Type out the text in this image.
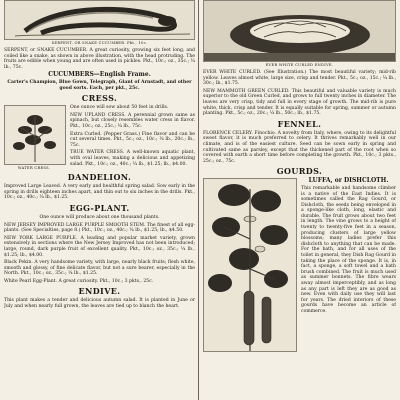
SERPENT, OR SNAKE CUCUMBER. Pkt., 10c.

SERPENT, or SNAKE CUCUMBER. A great curiosity, growing six feet long, and coiled like a snake, as shown in above illustration, with the head protruding. The fruits are edible when young and are often used in pickles. Pkt., 10c.; oz., 35c.; ¼ lb., 75c.

CUCUMBERS—English Frame.

Carter's Champion, Blue Gown, Telegraph, Giant of Arnstadt, and other good sorts. Each, per pkt., 25c.

CRESS.

One ounce will sow about 50 feet in drills.

NEW UPLAND CRESS. A perennial grown same as spinach, but closely resembles water cress in flavor. Pkt., 10c.; oz., 25c.; ¼ lb., 75c.

Extra Curled. (Pepper Grass.) Fine flavor and can be cut several times. Pkt., 5c.; oz., 10c.; ¼ lb., 20c.; lb., 75c.

WATER CRESS.

TRUE WATER CRESS. A well-known aquatic plant, with oval leaves, making a delicious and appetizing salad. Pkt., 10c.; oz., 40c.; ¼ lb., $1.25; lb., $4.00.

DANDELION.

Improved Large Leaved. A very early and healthful spring salad. Sow early in the spring in drills eighteen inches apart, and thin out to six inches in the drills. Pkt., 10c.; oz., 40c.; ¼ lb., $1.25.

EGG-PLANT.

One ounce will produce about one thousand plants.

NEW JERSEY IMPROVED LARGE PURPLE SMOOTH STEM. The finest of all egg-plants. (See Specialties, page 8.) Pkt., 10c.; oz., 40c.; ¼ lb., $1.25; lb., $4.50.

NEW YORK LARGE PURPLE. A leading and popular market variety, grown extensively in sections where the New Jersey Improved has not been introduced; large, round, dark purple fruit of excellent quality. Pkt., 10c.; oz., 35c.; ¼ lb., $1.25; lb., $4.00.

Black Pekin. A very handsome variety, with large, nearly black fruits; flesh white, smooth and glossy, of fine delicate flavor, but not a sure bearer, especially in the North. Pkt., 10c.; oz., 35c.; ¼ lb., $1.25.

White Pearl Egg-Plant. A great curiosity. Pkt., 10c.; 3 pkts., 25c.

ENDIVE.

This plant makes a tender and delicious autumn salad. It is planted in June or July and when nearly full grown, the leaves are tied up to blanch the heart.

EVER WHITE CURLED ENDIVE.

EVER WHITE CURLED. (See Illustration.) The most beautiful variety; mid-rib yellow. Leaves almost white, large size, crisp and tender. Pkt., 5c.; oz., 15c.; ¼ lb., 30c.; lb., $1.75.

NEW MAMMOTH GREEN CURLED. This beautiful and valuable variety is much superior to the old Green Curled, and grows to full twenty inches in diameter. The leaves are very crisp, tidy and full in every stage of growth. The mid-rib is pure white, thick, crisp and tender. It is equally suitable for spring, summer or autumn planting. Pkt., 5c.; oz., 20c.; ¼ lb., 50c.; lb., $1.75.

FENNEL.

FLORENCE CELERY. Finochio. A novelty from Italy, where, owing to its delightful sweet flavor, it is much preferred to celery. It thrives remarkably well in our climate, and is of the easiest culture. Seed can be sown early in spring and cultivated same as parsley, except that the thickened part of the root when so covered with earth a short time before completing the growth. Pkt., 10c.; 3 pkts., 25c.; oz., 75c.

GOURDS.

LUFFA, or DISHCLOTH.

This remarkable and handsome climber is a native of the East Indies. It is sometimes called the Rag Gourd, or Dishcloth, the seeds being enveloped in a sponge-like cloth, long, elastic and durable. The fruit grows about two feet in length. The vine grows to a height of twenty to twenty-five feet in a season, producing clusters of large yellow blossoms; many ladies prefer this dishcloth to anything that can be made. For the bath, and for all uses of the toilet in general, they Dish Rag Gourd in taking the place of the sponge. It is, in fact, a sponge, a soft towel and a bath brush combined. The fruit is much used as summer bonnets. The fibre wears away almost imperceptibly, and as long as any part is left they are as good as new. Even with daily use they will last for years. The dried interiors of these gourds have become an article of commerce.
